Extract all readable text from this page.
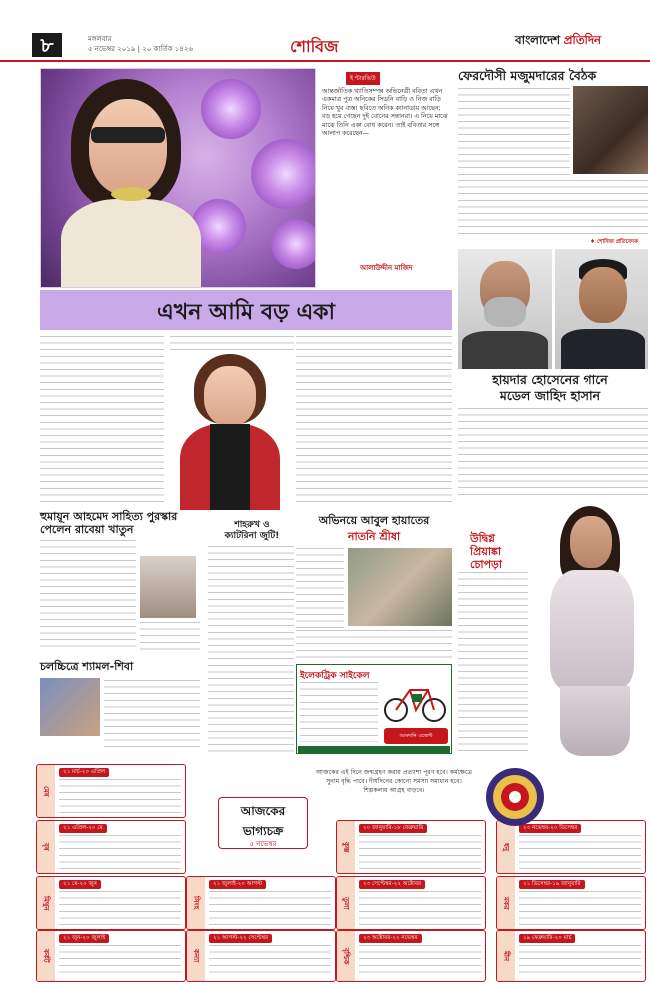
৮	মঙ্গলবার
৫ নভেম্বর ২০১৯ | ২০ কার্তিক ১৪২৬	শোবিজ	বাংলাদেশ প্রতিদিন
ই ন্টারভিউ
আন্তর্জাতিক খ্যাতিসম্পন্ন অভিনেত্রী ববিতা এখন একমাত্র পুত্র অনিকের সিডনি বাড়ি ও নিজ বাড়ি নিয়ে খুব ব্যস্ত। ছবিতে অনিক ক্যানাডায় আছেন; বড় হয়ে গেছেন দুই বোনের সন্তানরা। এ নিয়ে মাঝে মাঝে তিনি একা বোধ করেন। তাই ববিতার সঙ্গে আলাপ করেছেন—
আলাউদ্দীন মাজিদ
এখন আমি বড় একা
ফেরদৌসী মজুমদারের বৈঠক
♦ শোবিজ প্রতিবেদক
হায়দার হোসেনের গানে
মডেল জাহিদ হাসান
উদ্বিগ্ন
প্রিয়াঙ্কা
চোপড়া
হুমায়ূন আহমেদ সাহিত্য পুরস্কার পেলেন রাবেয়া খাতুন
চলচ্চিত্রে শ্যামল-শিবা
শাহরুখ ও
ক্যাটরিনা জুটি!
অভিনয়ে আবুল হায়াতের
নাতনি শ্রীষা
ইলেকট্রিক সাইকেল
আমদানি এজেন্ট
মেষ
২১ মার্চ-২০ এপ্রিল
বৃষ
২১ এপ্রিল-২০ মে
মিথুন
২১ মে-২০ জুন
কর্কট
২১ জুন-২০ জুলাই
সিংহ
২১ জুলাই-২০ আগস্ট
কন্যা
২১ আগস্ট-২২ সেপ্টেম্বর
তুলা
২৩ সেপ্টেম্বর-২২ অক্টোবর
বৃশ্চিক
২৩ অক্টোবর-২২ নভেম্বর
ধনু
২৩ নভেম্বর-২০ ডিসেম্বর
মকর
২১ ডিসেম্বর-১৯ জানুয়ারি
কুম্ভ
২০ জানুয়ারি-১৮ ফেব্রুয়ারি
মীন
১৯ ফেব্রুয়ারি-২০ মার্চ
আজকের
ভাগ্যচক্র
৫ নভেম্বর
আজকের এই দিনে জন্মগ্রহণ করায় প্রত্যাশা পূরণ হবে। কর্মক্ষেত্রে সুনাম বৃদ্ধি পাবে। দীর্ঘদিনের কোনো সমস্যা সমাধান হবে। শিল্পকলায় আগ্রহ বাড়বে।
